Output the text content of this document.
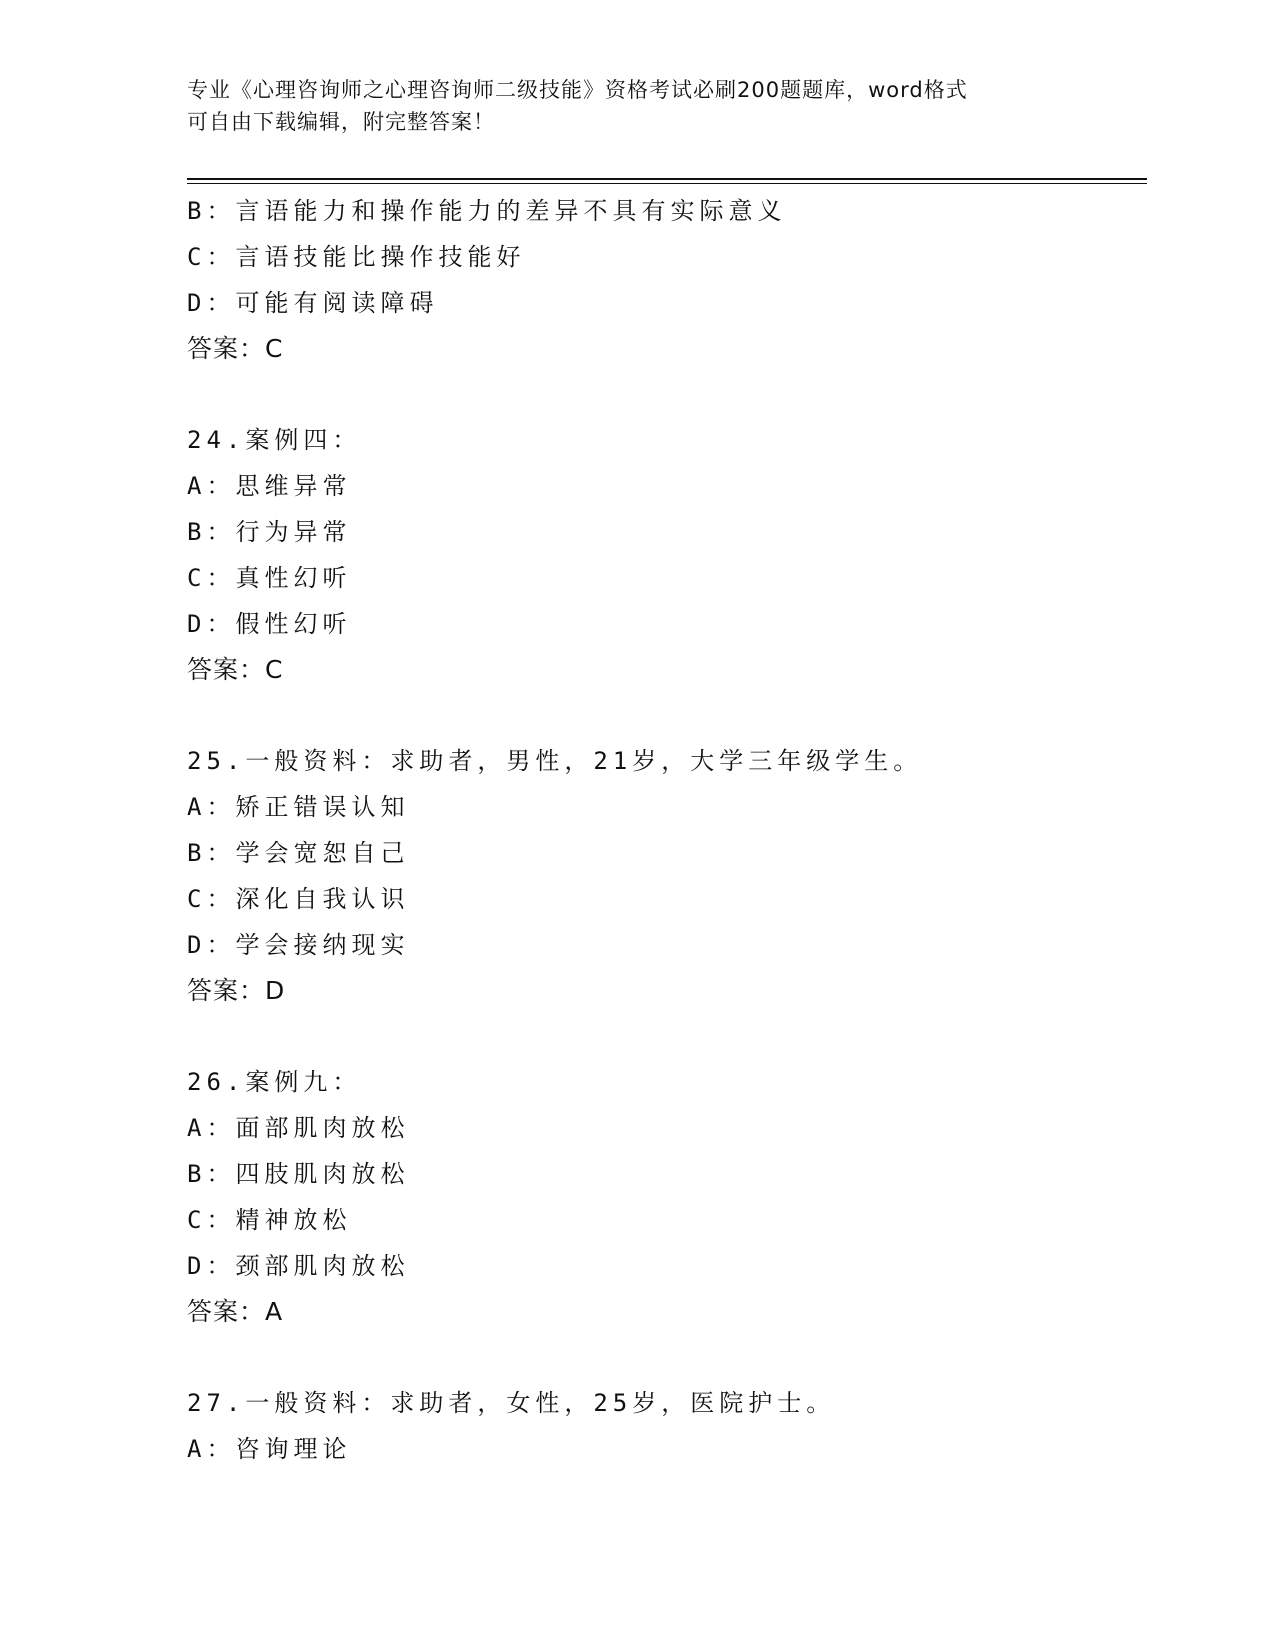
专业《心理咨询师之心理咨询师二级技能》资格考试必刷200题题库，word格式
可自由下载编辑，附完整答案！
B：言语能力和操作能力的差异不具有实际意义
C：言语技能比操作技能好
D：可能有阅读障碍
答案：C
24.案例四：
A：思维异常
B：行为异常
C：真性幻听
D：假性幻听
答案：C
25.一般资料：求助者，男性，21岁，大学三年级学生。
A：矫正错误认知
B：学会宽恕自己
C：深化自我认识
D：学会接纳现实
答案：D
26.案例九：
A：面部肌肉放松
B：四肢肌肉放松
C：精神放松
D：颈部肌肉放松
答案：A
27.一般资料：求助者，女性，25岁，医院护士。
A：咨询理论
